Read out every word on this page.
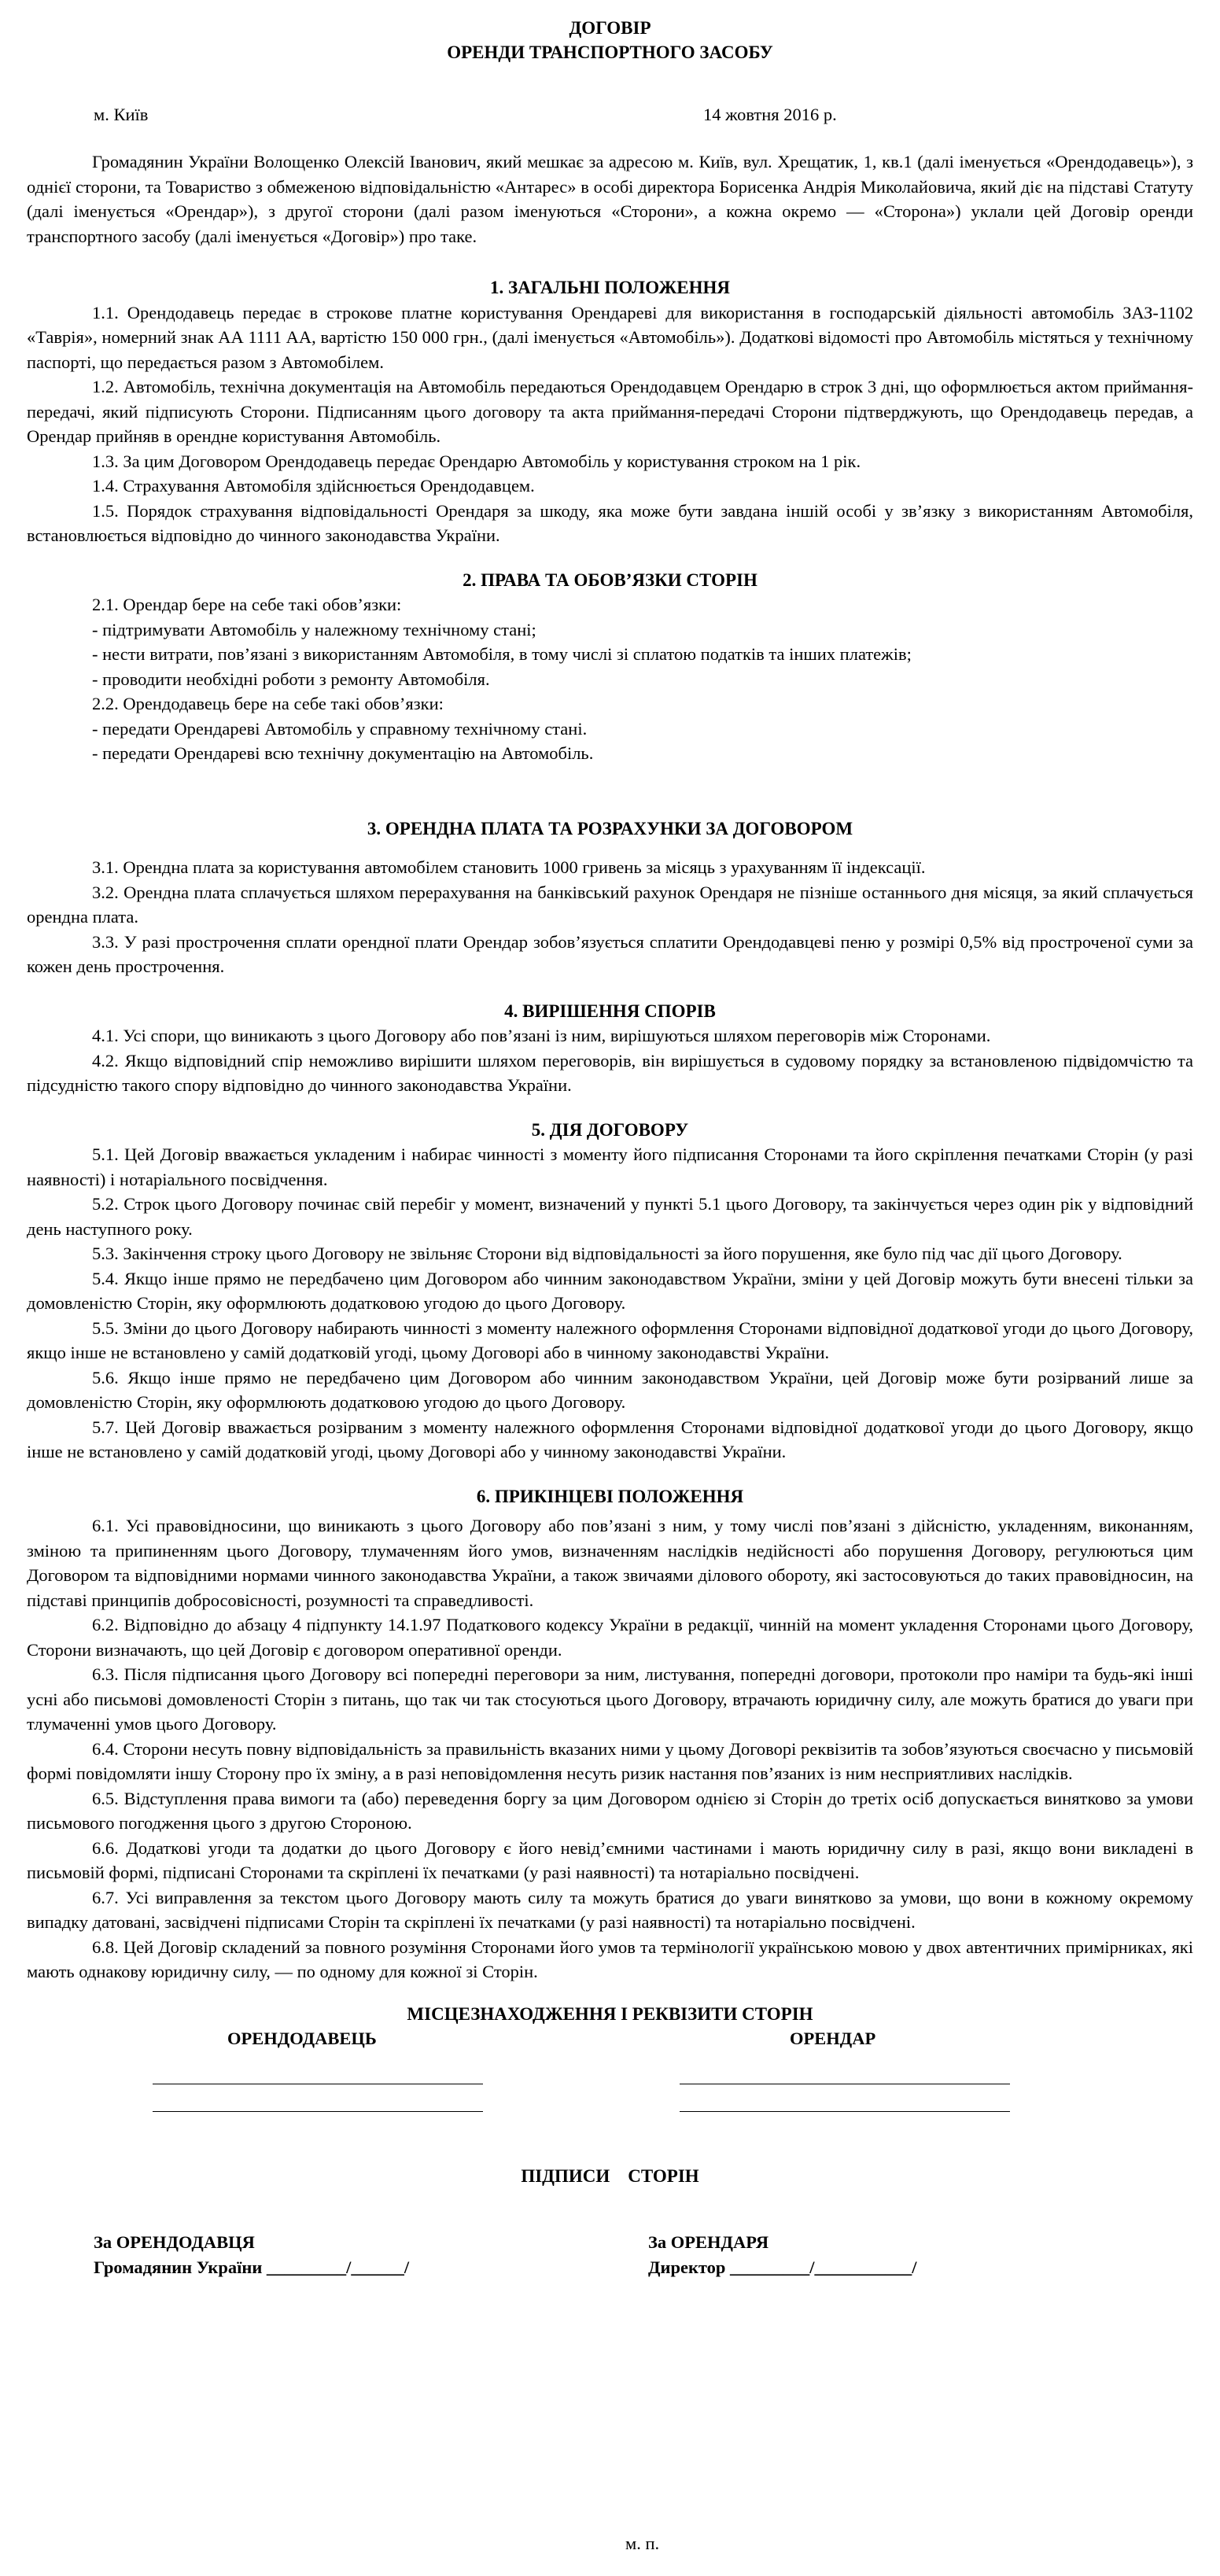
ДОГОВІР
ОРЕНДИ ТРАНСПОРТНОГО ЗАСОБУ
м. Київ	14 жовтня 2016 р.

Громадянин України Волощенко Олексій Іванович, який мешкає за адресою м. Київ, вул. Хрещатик, 1, кв.1 (далі іменується «Орендодавець»), з однієї сторони, та Товариство з обмеженою відповідальністю «Антарес» в особі директора Борисенка Андрія Миколайовича, який діє на підставі Статуту (далі іменується «Орендар»), з другої сторони (далі разом іменуються «Сторони», а кожна окремо — «Сторона») уклали цей Договір оренди транспортного засобу (далі іменується «Договір») про таке.

1. ЗАГАЛЬНІ ПОЛОЖЕННЯ

1.1. Орендодавець передає в строкове платне користування Орендареві для використання в господарській діяльності автомобіль ЗАЗ-1102 «Таврія», номерний знак АА 1111 АА, вартістю 150 000 грн., (далі іменується «Автомобіль»). Додаткові відомості про Автомобіль містяться у технічному паспорті, що передається разом з Автомобілем.

1.2. Автомобіль, технічна документація на Автомобіль передаються Орендодавцем Орендарю в строк 3 дні, що оформлюється актом приймання-передачі, який підписують Сторони. Підписанням цього договору та акта приймання-передачі Сторони підтверджують, що Орендодавець передав, а Орендар прийняв в орендне користування Автомобіль.

1.3. За цим Договором Орендодавець передає Орендарю Автомобіль у користування строком на 1 рік.

1.4. Страхування Автомобіля здійснюється Орендодавцем.

1.5. Порядок страхування відповідальності Орендаря за шкоду, яка може бути завдана іншій особі у зв’язку з використанням Автомобіля, встановлюється відповідно до чинного законодавства України.

2. ПРАВА ТА ОБОВ’ЯЗКИ СТОРІН

2.1. Орендар бере на себе такі обов’язки:

- підтримувати Автомобіль у належному технічному стані;

- нести витрати, пов’язані з використанням Автомобіля, в тому числі зі сплатою податків та інших платежів;

- проводити необхідні роботи з ремонту Автомобіля.

2.2. Орендодавець бере на себе такі обов’язки:

- передати Орендареві Автомобіль у справному технічному стані.

- передати Орендареві всю технічну документацію на Автомобіль.

3. ОРЕНДНА ПЛАТА ТА РОЗРАХУНКИ ЗА ДОГОВОРОМ

3.1. Орендна плата за користування автомобілем становить 1000 гривень за місяць з урахуванням її індексації.

3.2. Орендна плата сплачується шляхом перерахування на банківський рахунок Орендаря не пізніше останнього дня місяця, за який сплачується орендна плата.

3.3. У разі прострочення сплати орендної плати Орендар зобов’язується сплатити Орендодавцеві пеню у розмірі 0,5% від простроченої суми за кожен день прострочення.

4. ВИРІШЕННЯ СПОРІВ

4.1. Усі спори, що виникають з цього Договору або пов’язані із ним, вирішуються шляхом переговорів між Сторонами.

4.2. Якщо відповідний спір неможливо вирішити шляхом переговорів, він вирішується в судовому порядку за встановленою підвідомчістю та підсудністю такого спору відповідно до чинного законодавства України.

5. ДІЯ ДОГОВОРУ

5.1. Цей Договір вважається укладеним і набирає чинності з моменту його підписання Сторонами та його скріплення печатками Сторін (у разі наявності) і нотаріального посвідчення.

5.2. Строк цього Договору починає свій перебіг у момент, визначений у пункті 5.1 цього Договору, та закінчується через один рік у відповідний день наступного року.

5.3. Закінчення строку цього Договору не звільняє Сторони від відповідальності за його порушення, яке було під час дії цього Договору.

5.4. Якщо інше прямо не передбачено цим Договором або чинним законодавством України, зміни у цей Договір можуть бути внесені тільки за домовленістю Сторін, яку оформлюють додатковою угодою до цього Договору.

5.5. Зміни до цього Договору набирають чинності з моменту належного оформлення Сторонами відповідної додаткової угоди до цього Договору, якщо інше не встановлено у самій додатковій угоді, цьому Договорі або в чинному законодавстві України.

5.6. Якщо інше прямо не передбачено цим Договором або чинним законодавством України, цей Договір може бути розірваний лише за домовленістю Сторін, яку оформлюють додатковою угодою до цього Договору.

5.7. Цей Договір вважається розірваним з моменту належного оформлення Сторонами відповідної додаткової угоди до цього Договору, якщо інше не встановлено у самій додатковій угоді, цьому Договорі або у чинному законодавстві України.

6. ПРИКІНЦЕВІ ПОЛОЖЕННЯ

6.1. Усі правовідносини, що виникають з цього Договору або пов’язані з ним, у тому числі пов’язані з дійсністю, укладенням, виконанням, зміною та припиненням цього Договору, тлумаченням його умов, визначенням наслідків недійсності або порушення Договору, регулюються цим Договором та відповідними нормами чинного законодавства України, а також звичаями ділового обороту, які застосовуються до таких правовідносин, на підставі принципів добросовісності, розумності та справедливості.

6.2. Відповідно до абзацу 4 підпункту 14.1.97 Податкового кодексу України в редакції, чинній на момент укладення Сторонами цього Договору, Сторони визначають, що цей Договір є договором оперативної оренди.

6.3. Після підписання цього Договору всі попередні переговори за ним, листування, попередні договори, протоколи про наміри та будь-які інші усні або письмові домовленості Сторін з питань, що так чи так стосуються цього Договору, втрачають юридичну силу, але можуть братися до уваги при тлумаченні умов цього Договору.

6.4. Сторони несуть повну відповідальність за правильність вказаних ними у цьому Договорі реквізитів та зобов’язуються своєчасно у письмовій формі повідомляти іншу Сторону про їх зміну, а в разі неповідомлення несуть ризик настання пов’язаних із ним несприятливих наслідків.

6.5. Відступлення права вимоги та (або) переведення боргу за цим Договором однією зі Сторін до третіх осіб допускається винятково за умови письмового погодження цього з другою Стороною.

6.6. Додаткові угоди та додатки до цього Договору є його невід’ємними частинами і мають юридичну силу в разі, якщо вони викладені в письмовій формі, підписані Сторонами та скріплені їх печатками (у разі наявності) та нотаріально посвідчені.

6.7. Усі виправлення за текстом цього Договору мають силу та можуть братися до уваги винятково за умови, що вони в кожному окремому випадку датовані, засвідчені підписами Сторін та скріплені їх печатками (у разі наявності) та нотаріально посвідчені.

6.8. Цей Договір складений за повного розуміння Сторонами його умов та термінології українською мовою у двох автентичних примірниках, які мають однакову юридичну силу, — по одному для кожної зі Сторін.

МІСЦЕЗНАХОДЖЕННЯ І РЕКВІЗИТИ СТОРІН
ОРЕНДОДАВЕЦЬ	ОРЕНДАР
ПІДПИСИ    СТОРІН
За ОРЕНДОДАВЦЯ
Громадянин України _________/______/
За ОРЕНДАРЯ
Директор _________/___________/
м. п.
